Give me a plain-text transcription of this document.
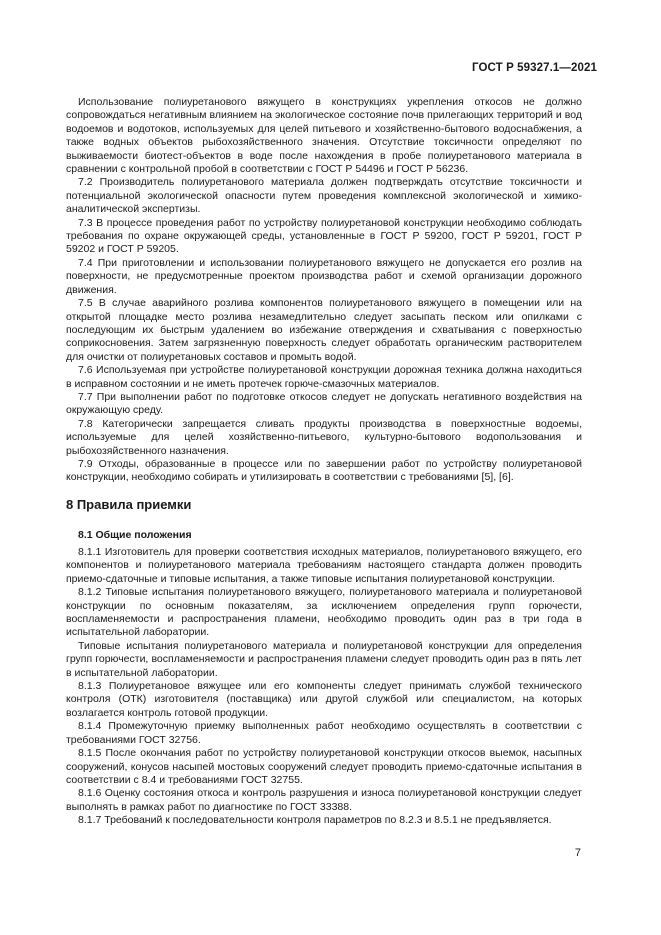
ГОСТ Р 59327.1—2021

Использование полиуретанового вяжущего в конструкциях укрепления откосов не должно сопровождаться негативным влиянием на экологическое состояние почв прилегающих территорий и вод водоемов и водотоков, используемых для целей питьевого и хозяйственно-бытового водоснабжения, а также водных объектов рыбохозяйственного значения. Отсутствие токсичности определяют по выживаемости биотест-объектов в воде после нахождения в пробе полиуретанового материала в сравнении с контрольной пробой в соответствии с ГОСТ Р 54496 и ГОСТ Р 56236.

7.2 Производитель полиуретанового материала должен подтверждать отсутствие токсичности и потенциальной экологической опасности путем проведения комплексной экологической и химико-аналитической экспертизы.

7.3 В процессе проведения работ по устройству полиуретановой конструкции необходимо соблюдать требования по охране окружающей среды, установленные в ГОСТ Р 59200, ГОСТ Р 59201, ГОСТ Р 59202 и ГОСТ Р 59205.

7.4 При приготовлении и использовании полиуретанового вяжущего не допускается его розлив на поверхности, не предусмотренные проектом производства работ и схемой организации дорожного движения.

7.5 В случае аварийного розлива компонентов полиуретанового вяжущего в помещении или на открытой площадке место розлива незамедлительно следует засыпать песком или опилками с последующим их быстрым удалением во избежание отверждения и схватывания с поверхностью соприкосновения. Затем загрязненную поверхность следует обработать органическим растворителем для очистки от полиуретановых составов и промыть водой.

7.6 Используемая при устройстве полиуретановой конструкции дорожная техника должна находиться в исправном состоянии и не иметь протечек горюче-смазочных материалов.

7.7 При выполнении работ по подготовке откосов следует не допускать негативного воздействия на окружающую среду.

7.8 Категорически запрещается сливать продукты производства в поверхностные водоемы, используемые для целей хозяйственно-питьевого, культурно-бытового водопользования и рыбохозяйственного назначения.

7.9 Отходы, образованные в процессе или по завершении работ по устройству полиуретановой конструкции, необходимо собирать и утилизировать в соответствии с требованиями [5], [6].

8 Правила приемки
8.1 Общие положения

8.1.1 Изготовитель для проверки соответствия исходных материалов, полиуретанового вяжущего, его компонентов и полиуретанового материала требованиям настоящего стандарта должен проводить приемо-сдаточные и типовые испытания, а также типовые испытания полиуретановой конструкции.

8.1.2 Типовые испытания полиуретанового вяжущего, полиуретанового материала и полиуретановой конструкции по основным показателям, за исключением определения групп горючести, воспламеняемости и распространения пламени, необходимо проводить один раз в три года в испытательной лаборатории.

Типовые испытания полиуретанового материала и полиуретановой конструкции для определения групп горючести, воспламеняемости и распространения пламени следует проводить один раз в пять лет в испытательной лаборатории.

8.1.3 Полиуретановое вяжущее или его компоненты следует принимать службой технического контроля (ОТК) изготовителя (поставщика) или другой службой или специалистом, на которых возлагается контроль готовой продукции.

8.1.4 Промежуточную приемку выполненных работ необходимо осуществлять в соответствии с требованиями ГОСТ 32756.

8.1.5 После окончания работ по устройству полиуретановой конструкции откосов выемок, насыпных сооружений, конусов насыпей мостовых сооружений следует проводить приемо-сдаточные испытания в соответствии с 8.4 и требованиями ГОСТ 32755.

8.1.6 Оценку состояния откоса и контроль разрушения и износа полиуретановой конструкции следует выполнять в рамках работ по диагностике по ГОСТ 33388.

8.1.7 Требований к последовательности контроля параметров по 8.2.3 и 8.5.1 не предъявляется.

7
